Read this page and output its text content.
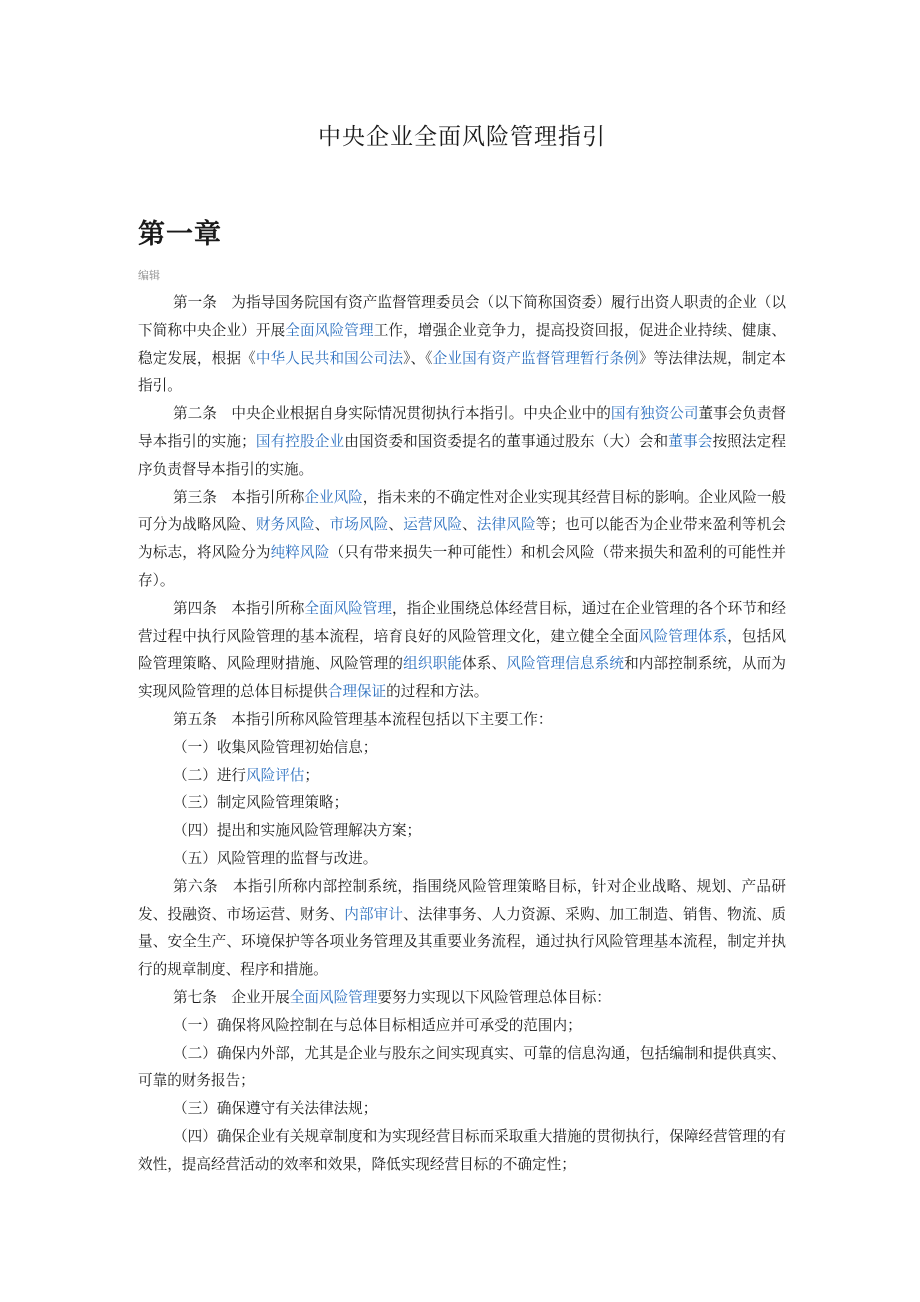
中央企业全面风险管理指引
第一章
编辑

第一条　为指导国务院国有资产监督管理委员会（以下简称国资委）履行出资人职责的企业（以下简称中央企业）开展全面风险管理工作，增强企业竞争力，提高投资回报，促进企业持续、健康、稳定发展，根据《中华人民共和国公司法》、《企业国有资产监督管理暂行条例》等法律法规，制定本指引。

第二条　中央企业根据自身实际情况贯彻执行本指引。中央企业中的国有独资公司董事会负责督导本指引的实施；国有控股企业由国资委和国资委提名的董事通过股东（大）会和董事会按照法定程序负责督导本指引的实施。

第三条　本指引所称企业风险，指未来的不确定性对企业实现其经营目标的影响。企业风险一般可分为战略风险、财务风险、市场风险、运营风险、法律风险等；也可以能否为企业带来盈利等机会为标志，将风险分为纯粹风险（只有带来损失一种可能性）和机会风险（带来损失和盈利的可能性并存）。

第四条　本指引所称全面风险管理，指企业围绕总体经营目标，通过在企业管理的各个环节和经营过程中执行风险管理的基本流程，培育良好的风险管理文化，建立健全全面风险管理体系，包括风险管理策略、风险理财措施、风险管理的组织职能体系、风险管理信息系统和内部控制系统，从而为实现风险管理的总体目标提供合理保证的过程和方法。

第五条　本指引所称风险管理基本流程包括以下主要工作：

（一）收集风险管理初始信息；

（二）进行风险评估；

（三）制定风险管理策略；

（四）提出和实施风险管理解决方案；

（五）风险管理的监督与改进。

第六条　本指引所称内部控制系统，指围绕风险管理策略目标，针对企业战略、规划、产品研发、投融资、市场运营、财务、内部审计、法律事务、人力资源、采购、加工制造、销售、物流、质量、安全生产、环境保护等各项业务管理及其重要业务流程，通过执行风险管理基本流程，制定并执行的规章制度、程序和措施。

第七条　企业开展全面风险管理要努力实现以下风险管理总体目标：

（一）确保将风险控制在与总体目标相适应并可承受的范围内；

（二）确保内外部，尤其是企业与股东之间实现真实、可靠的信息沟通，包括编制和提供真实、可靠的财务报告；

（三）确保遵守有关法律法规；

（四）确保企业有关规章制度和为实现经营目标而采取重大措施的贯彻执行，保障经营管理的有效性，提高经营活动的效率和效果，降低实现经营目标的不确定性；
